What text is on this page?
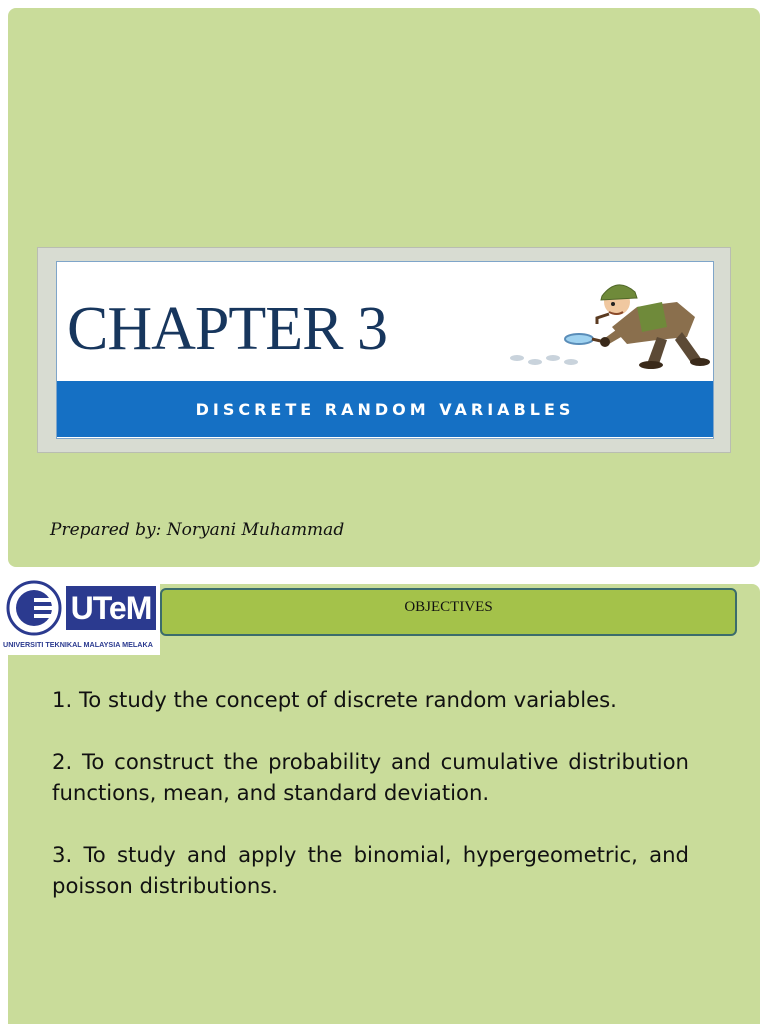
CHAPTER 3
DISCRETE RANDOM VARIABLES
Prepared by: Noryani Muhammad
UTeM
UNIVERSITI TEKNIKAL MALAYSIA MELAKA
OBJECTIVES

1. To study the concept of discrete random variables.

2. To construct the probability and cumulative distribution functions, mean, and standard deviation.

3. To study and apply the binomial, hypergeometric, and poisson distributions.
